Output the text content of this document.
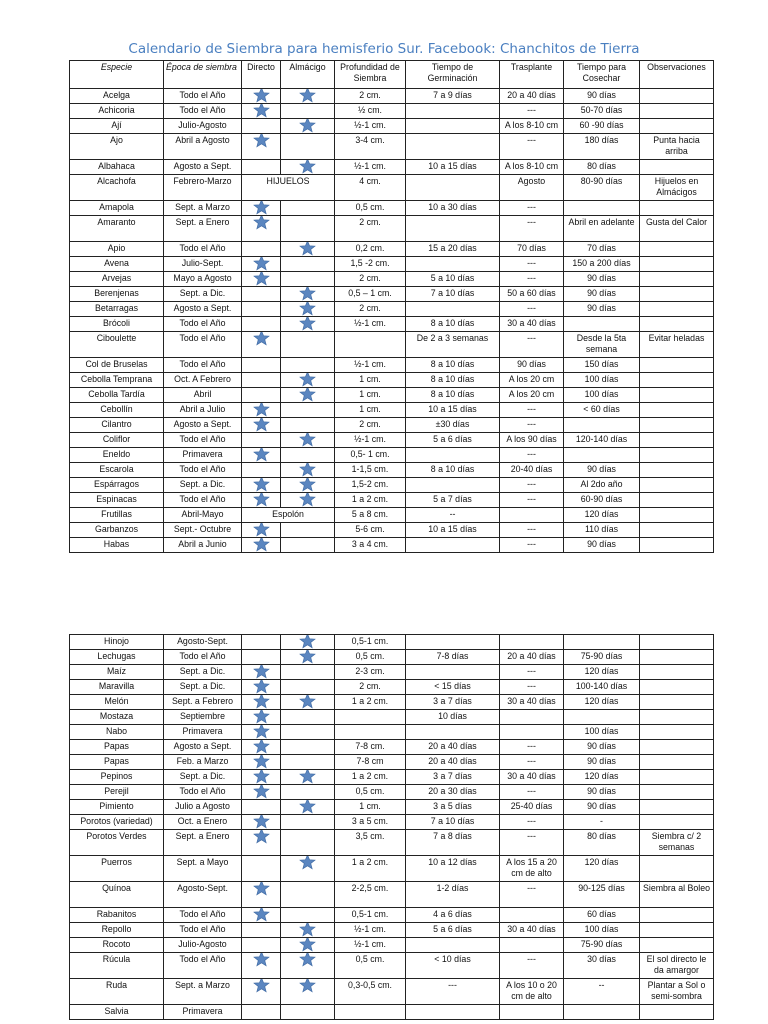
Calendario de Siembra para hemisferio Sur. Facebook: Chanchitos de Tierra
Especie	Época de siembra	Directo	Almácigo	Profundidad de Siembra	Tiempo de Germinación	Trasplante	Tiempo para Cosechar	Observaciones
Acelga	Todo el Año			2 cm.	7 a 9 días	20 a 40 días	90 días	
Achicoria	Todo el Año			½ cm.		---	50-70 días	
Ají	Julio-Agosto			½-1 cm.		A los 8-10 cm	60 -90 días	
Ajo	Abril a Agosto			3-4 cm.		---	180 días	Punta hacia arriba
Albahaca	Agosto a Sept.			½-1 cm.	10 a 15 días	A los 8-10 cm	80 días	
Alcachofa	Febrero-Marzo	HIJUELOS		4 cm.		Agosto	80-90 días	Hijuelos en Almácigos
Amapola	Sept. a Marzo			0,5 cm.	10 a 30 días	---		
Amaranto	Sept. a Enero			2 cm.		---	Abril en adelante	Gusta del Calor
Apio	Todo el Año			0,2 cm.	15 a 20 días	70 días	70 días	
Avena	Julio-Sept.			1,5 -2 cm.		---	150 a 200 días	
Arvejas	Mayo a Agosto			2 cm.	5 a 10 días	---	90 días	
Berenjenas	Sept. a Dic.			0,5 – 1 cm.	7 a 10 días	50 a 60 días	90 días	
Betarragas	Agosto a Sept.			2 cm.		---	90 días	
Brócoli	Todo el Año			½-1 cm.	8 a 10 días	30 a 40 días		
Ciboulette	Todo el Año				De 2 a 3 semanas	---	Desde la 5ta semana	Evitar heladas
Col de Bruselas	Todo el Año			½-1 cm.	8 a 10 días	90 días	150 días	
Cebolla Temprana	Oct. A Febrero			1 cm.	8 a 10 días	A los 20 cm	100 días	
Cebolla Tardía	Abril			1 cm.	8 a 10 días	A los 20 cm	100 días	
Cebollín	Abril a Julio			1 cm.	10 a 15 días	---	< 60 días	
Cilantro	Agosto a Sept.			2 cm.	±30 días	---		
Coliflor	Todo el Año			½-1 cm.	5 a 6 días	A los 90 días	120-140 días	
Eneldo	Primavera			0,5- 1 cm.		---		
Escarola	Todo el Año			1-1,5 cm.	8 a 10 días	20-40 días	90 días	
Espárragos	Sept. a Dic.			1,5-2 cm.		---	Al 2do año	
Espinacas	Todo el Año			1 a 2 cm.	5 a 7 días	---	60-90 días	
Frutillas	Abril-Mayo	Espolón		5 a 8 cm.	--		120 días	
Garbanzos	Sept.- Octubre			5-6 cm.	10 a 15 días	---	110 días	
Habas	Abril a Junio			3 a 4 cm.		---	90 días	
Hinojo	Agosto-Sept.			0,5-1 cm.				
Lechugas	Todo el Año			0,5 cm.	7-8 días	20 a 40 días	75-90 días	
Maíz	Sept. a Dic.			2-3 cm.		---	120 días	
Maravilla	Sept. a Dic.			2 cm.	< 15 días	---	100-140 días	
Melón	Sept. a Febrero			1 a 2 cm.	3 a 7 días	30 a 40 días	120 días	
Mostaza	Septiembre				10 días			
Nabo	Primavera						100 días	
Papas	Agosto a Sept.			7-8 cm.	20 a 40 días	---	90 días	
Papas	Feb. a Marzo			7-8 cm	20 a 40 días	---	90 días	
Pepinos	Sept. a Dic.			1 a 2 cm.	3 a 7 días	30 a 40 días	120 días	
Perejil	Todo el Año			0,5 cm.	20 a 30 días	---	90 días	
Pimiento	Julio a Agosto			1 cm.	3 a 5 días	25-40 días	90 días	
Porotos (variedad)	Oct. a Enero			3 a 5 cm.	7 a 10 días	---	-	
Porotos Verdes	Sept. a Enero			3,5 cm.	7 a 8 días	---	80 días	Siembra c/ 2 semanas
Puerros	Sept. a Mayo			1 a 2 cm.	10 a 12 días	A los 15 a 20 cm de alto	120 días	
Quínoa	Agosto-Sept.			2-2,5 cm.	1-2 días	---	90-125 días	Siembra al Boleo
Rabanitos	Todo el Año			0,5-1 cm.	4 a 6 días		60 días	
Repollo	Todo el Año			½-1 cm.	5 a 6 días	30 a 40 días	100 días	
Rocoto	Julio-Agosto			½-1 cm.			75-90 días	
Rúcula	Todo el Año			0,5 cm.	< 10 días	---	30 días	El sol directo le da amargor
Ruda	Sept. a Marzo			0,3-0,5 cm.	---	A los 10 o 20 cm de alto	--	Plantar a Sol o semi-sombra
Salvia	Primavera							
